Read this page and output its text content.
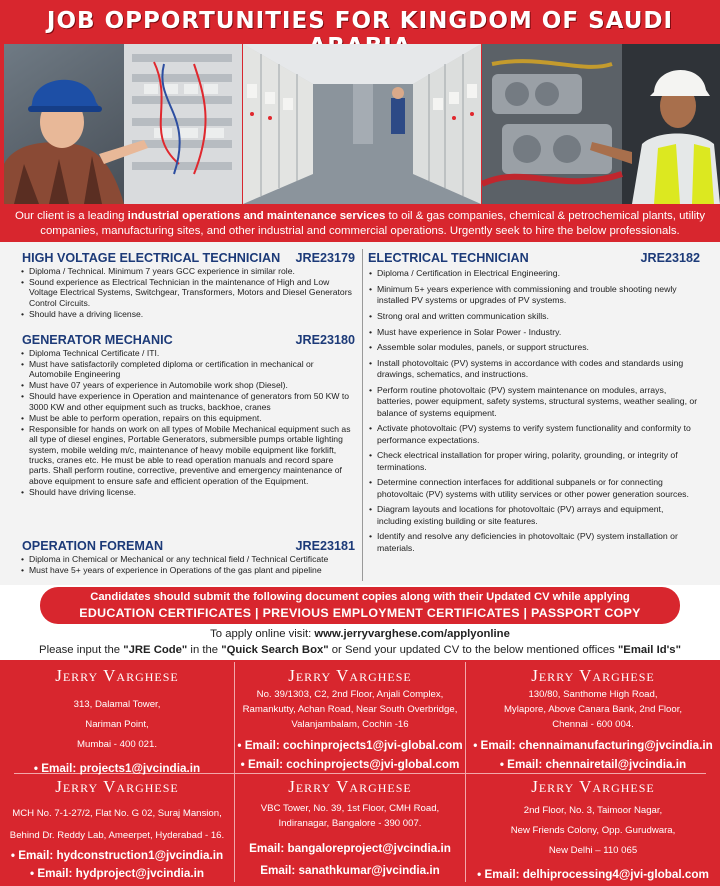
JOB OPPORTUNITIES FOR KINGDOM OF SAUDI
Our client is a leading industrial operations and maintenance services to oil & gas companies, chemical & petrochemical plants, utility companies, manufacturing sites, and other industrial and commercial operations. Urgently seek to hire the below professionals.
HIGH VOLTAGE ELECTRICAL TECHNICIAN JRE23179
• Diploma / Technical. Minimum 7 years GCC experience in similar role.
• Sound experience as Electrical Technician in the maintenance of High and Low Voltage Electrical Systems, Switchgear, Transformers, Motors and Diesel Generators Control Circuits.
• Should have a driving license.
GENERATOR MECHANIC	JRE23180
• Diploma Technical Certificate / ITI.
• Must have satisfactorily completed diploma or certification in mechanical or Automobile Engineering
• Must have 07 years of experience in Automobile work shop (Diesel).
• Should have experience in Operation and maintenance of generators from 50 KW to 3000 KW and other equipment such as trucks, backhoe, cranes
• Must be able to perform operation, repairs on this equipment.
• Responsible for hands on work on all types of Mobile Mechanical equipment such as all type of diesel engines, Portable Generators, submersible pumps ortable lighting system, mobile welding m/c, maintenance of heavy mobile equipment like forklift, trucks, cranes etc. He must be able to read operation manuals and record spare parts. Shall perform routine, corrective, preventive and emergency maintenance of above equipment to ensure safe and efficient operation of the Equipment.
• Should have driving license.
OPERATION FOREMAN	JRE23181
• Diploma in Chemical or Mechanical or any technical field / Technical Certificate
• Must have 5+ years of experience in Operations of the gas plant and pipeline
ELECTRICAL TECHNICIAN	JRE23182
• Diploma / Certification in Electrical Engineering.
• Minimum 5+ years experience with commissioning and trouble shooting newly installed PV systems or upgrades of PV systems.
• Strong oral and written communication skills.
• Must have experience in Solar Power - Industry.
• Assemble solar modules, panels, or support structures.
• Install photovoltaic (PV) systems in accordance with codes and standards using drawings, schematics, and instructions.
• Perform routine photovoltaic (PV) system maintenance on modules, arrays, batteries, power equipment, safety systems, structural systems, weather sealing, or balance of systems equipment.
• Activate photovoltaic (PV) systems to verify system functionality and conformity to performance expectations.
• Check electrical installation for proper wiring, polarity, grounding, or integrity of terminations.
• Determine connection interfaces for additional subpanels or for connecting photovoltaic (PV) systems with utility services or other power generation sources.
• Diagram layouts and locations for photovoltaic (PV) arrays and equipment, including existing building or site features.
• Identify and resolve any deficiencies in photovoltaic (PV) system installation or materials.
Candidates should submit the following document copies along with their Updated CV while applying
EDUCATION CERTIFICATES | PREVIOUS EMPLOYMENT CERTIFICATES | PASSPORT COPY
To apply online visit: www.jerryvarghese.com/applyonline
Please input the "JRE Code" in the "Quick Search Box" or Send your updated CV to the below mentioned offices "Email Id's"
Jerry Varghese
313, Dalamal Tower,
Nariman Point,
Mumbai - 400 021.
• Email: projects1@jvcindia.in
Jerry Varghese
No. 39/1303, C2, 2nd Floor, Anjali Complex,
Ramankutty, Achan Road, Near South Overbridge,
Valanjambalam, Cochin -16
• Email: cochinprojects1@jvi-global.com
• Email: cochinprojects@jvi-global.com
Jerry Varghese
130/80, Santhome High Road,
Mylapore, Above Canara Bank, 2nd Floor,
Chennai - 600 004.
• Email: chennaimanufacturing@jvcindia.in
• Email: chennairetail@jvcindia.in
Jerry Varghese
MCH No. 7-1-27/2, Flat No. G 02, Suraj Mansion,
Behind Dr. Reddy Lab, Ameerpet, Hyderabad - 16.
• Email: hydconstruction1@jvcindia.in
• Email: hydproject@jvcindia.in
Jerry Varghese
VBC Tower, No. 39, 1st Floor, CMH Road,
Indiranagar, Bangalore - 390 007.
Email: bangaloreproject@jvcindia.in
Email: sanathkumar@jvcindia.in
Jerry Varghese
2nd Floor, No. 3, Taimoor Nagar,
New Friends Colony, Opp. Gurudwara,
New Delhi – 110 065
• Email: delhiprocessing4@jvi-global.com
